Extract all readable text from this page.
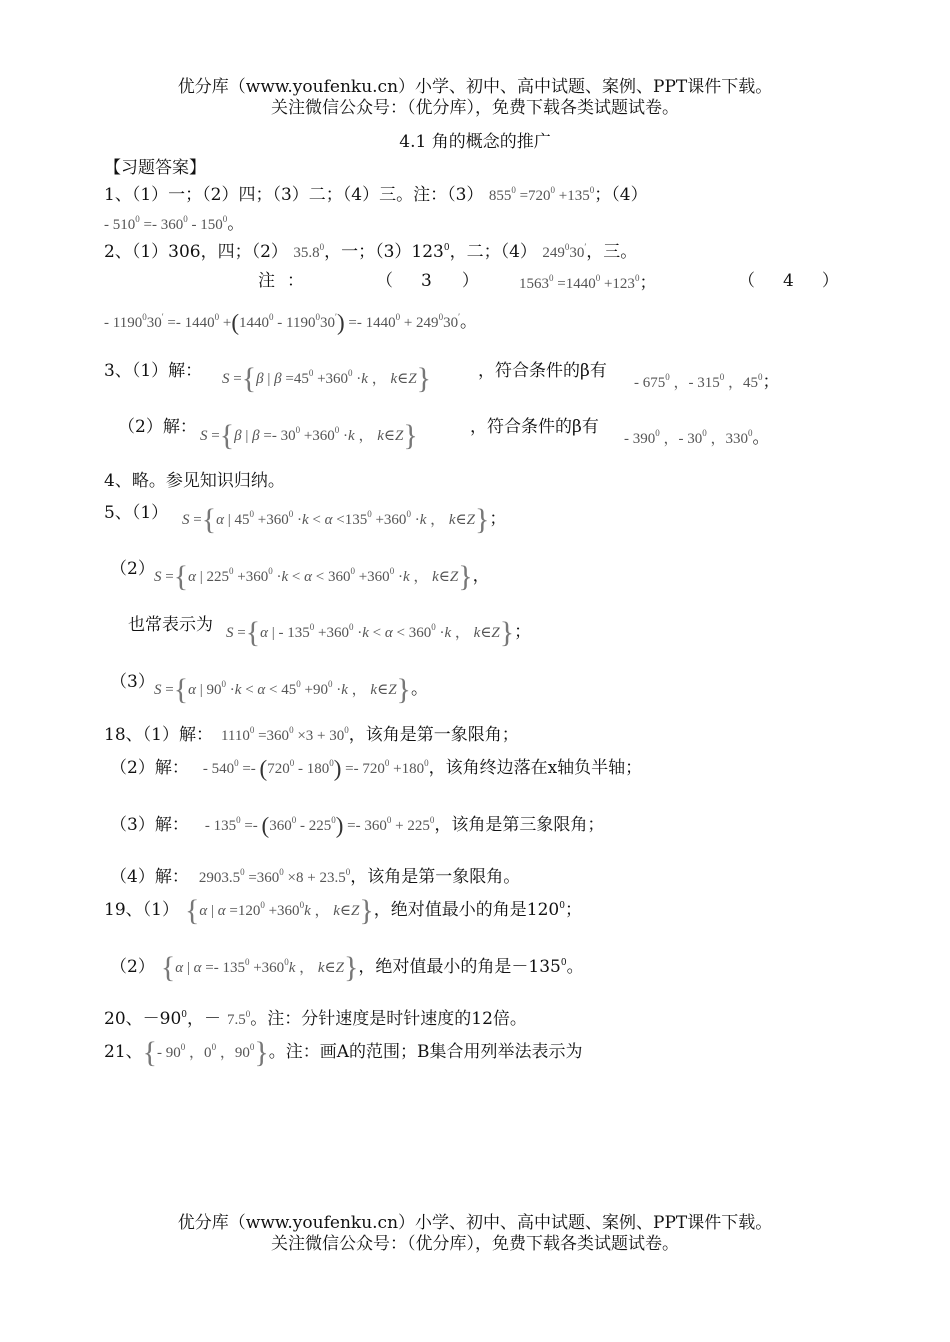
优分库（www.youfenku.cn）小学、初中、高中试题、案例、PPT课件下载。
关注微信公众号：（优分库），免费下载各类试题试卷。
4.1 角的概念的推广
【习题答案】
1、（1）一；（2）四；（3）二；（4）三。注：（3） $855^0 =720^0 +135^0$；（4）
- $510^0 =- 360^0 - 150^0$。
2、（1）306，四；（2） 35.8$^0$，一；$(3)123^0$，二；（4） $249^030'$，三。
注 ：	（ 3 ）	$1563^0 =1440^0 +123^0$；	（ 4 ）
- $1190^030' =- 1440^0 +(1440^0 - 1190^030') =- 1440^0 + 249^030'$。
3、（1）解： S ={β | $\beta =45^0 +360^0 \cdot k$ ， k∈Z}	，符合条件的β有
- $675^0$ ，- $315^0$ ，$45^0$；
（2）解： S ={β | $\beta =- 30^0 +360^0 \cdot k$ ， k∈Z}	，符合条件的β有
- $390^0$ ，- $30^0$ ，$330^0$。
4、略。参见知识归纳。
5、（1） S ={α | $45^0 +360^0 \cdot k < \alpha <135^0 +360^0 \cdot k$ ， k∈Z}；
（2） S ={α | $225^0 +360^0 \cdot k < \alpha < 360^0 +360^0 \cdot k$ ， k∈Z}，
也常表示为 S ={α | - $135^0 +360^0 \cdot k < \alpha < 360^0 \cdot k$ ， k∈Z}；
（3） S ={α | $90^0 \cdot k < \alpha < 45^0 +90^0 \cdot k$ ， k∈Z}。
18、（1）解： $1110^0 =360^0 \times 3 + 30^0$，该角是第一象限角；
（2）解： - $540^0 =- (720^0 - 180^0) =- 720^0 +180^0$，该角终边落在x轴负半轴；
（3）解： - $135^0 =- (360^0 - 225^0) =- 360^0 + 225^0$，该角是第三象限角；
（4）解： $2903.5^0 =360^0 \times 8 + 23.5^0$，该角是第一象限角。
19、（1） {α | $\alpha =120^0 +360^0k$ ， k∈Z}，绝对值最小的角是$120^0$；
（2） {α | $\alpha =- 135^0 +360^0k$ ， k∈Z}，绝对值最小的角是$-135^0$。
20、$-90^0$，－ $7.5^0$。注：分针速度是时针速度的12倍。
21、{- $90^0$ ，$0^0$ ，$90^0$}。注：画A的范围；B集合用列举法表示为
优分库（www.youfenku.cn）小学、初中、高中试题、案例、PPT课件下载。
关注微信公众号：（优分库），免费下载各类试题试卷。
